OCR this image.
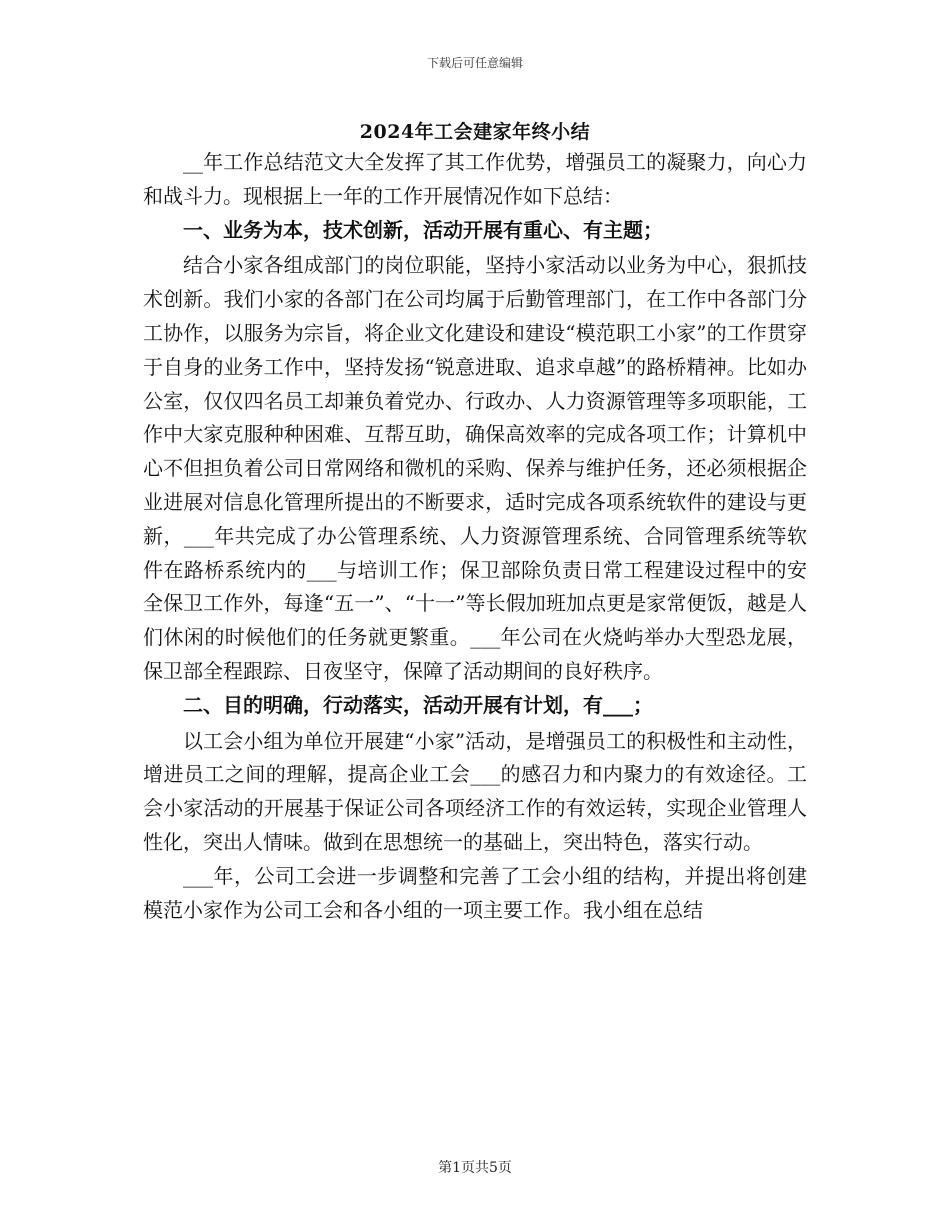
下载后可任意编辑
2024年工会建家年终小结

__年工作总结范文大全发挥了其工作优势，增强员工的凝聚力，向心力和战斗力。现根据上一年的工作开展情况作如下总结：

一、业务为本，技术创新，活动开展有重心、有主题；

结合小家各组成部门的岗位职能，坚持小家活动以业务为中心，狠抓技术创新。我们小家的各部门在公司均属于后勤管理部门，在工作中各部门分工协作，以服务为宗旨，将企业文化建设和建设“模范职工小家”的工作贯穿于自身的业务工作中，坚持发扬“锐意进取、追求卓越”的路桥精神。比如办公室，仅仅四名员工却兼负着党办、行政办、人力资源管理等多项职能，工作中大家克服种种困难、互帮互助，确保高效率的完成各项工作；计算机中心不但担负着公司日常网络和微机的采购、保养与维护任务，还必须根据企业进展对信息化管理所提出的不断要求，适时完成各项系统软件的建设与更新，___年共完成了办公管理系统、人力资源管理系统、合同管理系统等软件在路桥系统内的___与培训工作；保卫部除负责日常工程建设过程中的安全保卫工作外，每逢“五一”、“十一”等长假加班加点更是家常便饭，越是人们休闲的时候他们的任务就更繁重。___年公司在火烧屿举办大型恐龙展，保卫部全程跟踪、日夜坚守，保障了活动期间的良好秩序。

二、目的明确，行动落实，活动开展有计划，有___；

以工会小组为单位开展建“小家”活动，是增强员工的积极性和主动性，增进员工之间的理解，提高企业工会___的感召力和内聚力的有效途径。工会小家活动的开展基于保证公司各项经济工作的有效运转，实现企业管理人性化，突出人情味。做到在思想统一的基础上，突出特色，落实行动。

___年，公司工会进一步调整和完善了工会小组的结构，并提出将创建模范小家作为公司工会和各小组的一项主要工作。我小组在总结

第1页共5页
